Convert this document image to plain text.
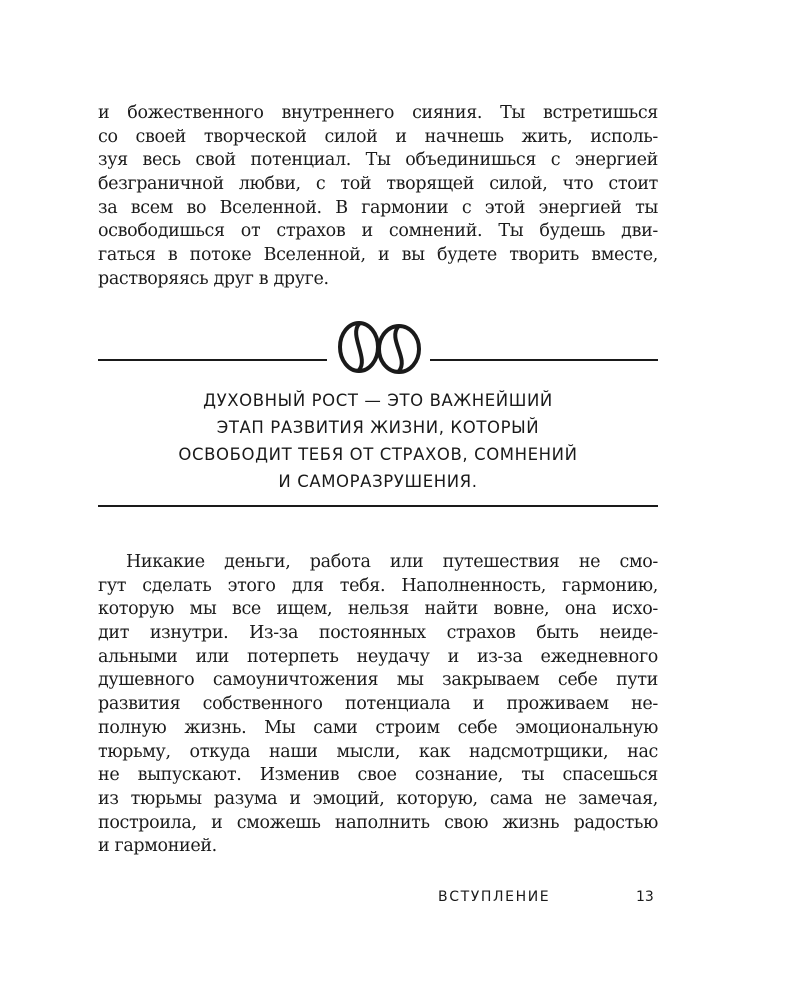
и божественного внутреннего сияния. Ты встретишься
со своей творческой силой и начнешь жить, исполь-
зуя весь свой потенциал. Ты объединишься с энергией
безграничной любви, с той творящей силой, что стоит
за всем во Вселенной. В гармонии с этой энергией ты
освободишься от страхов и сомнений. Ты будешь дви-
гаться в потоке Вселенной, и вы будете творить вместе,
растворяясь друг в друге.
ДУХОВНЫЙ РОСТ — ЭТО ВАЖНЕЙШИЙ
ЭТАП РАЗВИТИЯ ЖИЗНИ, КОТОРЫЙ
ОСВОБОДИТ ТЕБЯ ОТ СТРАХОВ, СОМНЕНИЙ
И САМОРАЗРУШЕНИЯ.
Никакие деньги, работа или путешествия не смо-
гут сделать этого для тебя. Наполненность, гармонию,
которую мы все ищем, нельзя найти вовне, она исхо-
дит изнутри. Из-за постоянных страхов быть неиде-
альными или потерпеть неудачу и из-за ежедневного
душевного самоуничтожения мы закрываем себе пути
развития собственного потенциала и проживаем не-
полную жизнь. Мы сами строим себе эмоциональную
тюрьму, откуда наши мысли, как надсмотрщики, нас
не выпускают. Изменив свое сознание, ты спасешься
из тюрьмы разума и эмоций, которую, сама не замечая,
построила, и сможешь наполнить свою жизнь радостью
и гармонией.
ВСТУПЛЕНИЕ	13
